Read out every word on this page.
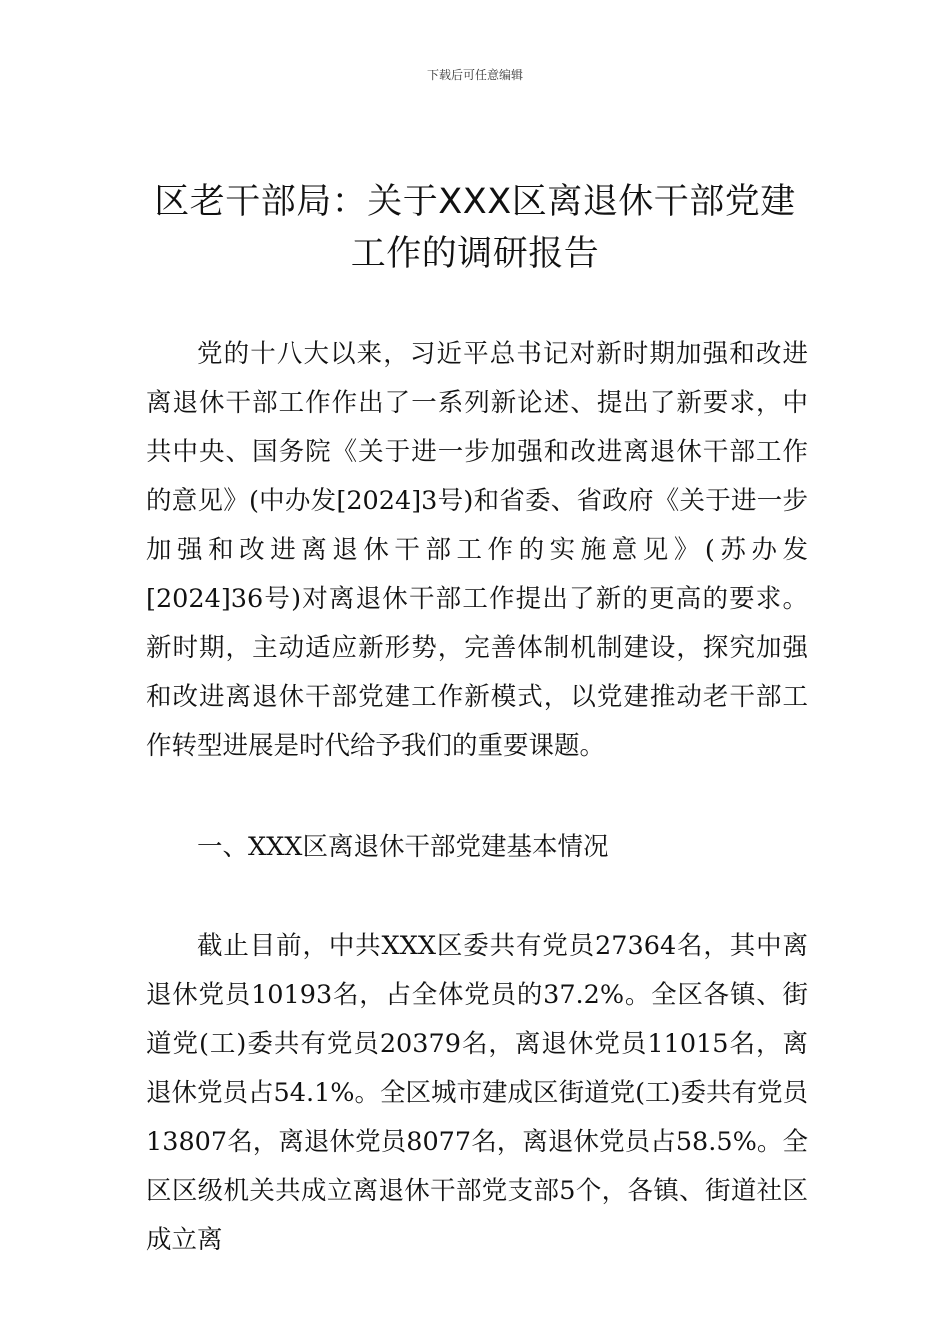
下载后可任意编辑
区老干部局：关于XXX区离退休干部党建
工作的调研报告

党的十八大以来，习近平总书记对新时期加强和改进离退休干部工作作出了一系列新论述、提出了新要求，中共中央、国务院《关于进一步加强和改进离退休干部工作的意见》(中办发[2024]3号)和省委、省政府《关于进一步加强和改进离退休干部工作的实施意见》(苏办发[2024]36号)对离退休干部工作提出了新的更高的要求。新时期，主动适应新形势，完善体制机制建设，探究加强和改进离退休干部党建工作新模式，以党建推动老干部工作转型进展是时代给予我们的重要课题。

一、XXX区离退休干部党建基本情况

截止目前，中共XXX区委共有党员27364名，其中离退休党员10193名，占全体党员的37.2%。全区各镇、街道党(工)委共有党员20379名，离退休党员11015名，离退休党员占54.1%。全区城市建成区街道党(工)委共有党员13807名，离退休党员8077名，离退休党员占58.5%。全区区级机关共成立离退休干部党支部5个，各镇、街道社区成立离
